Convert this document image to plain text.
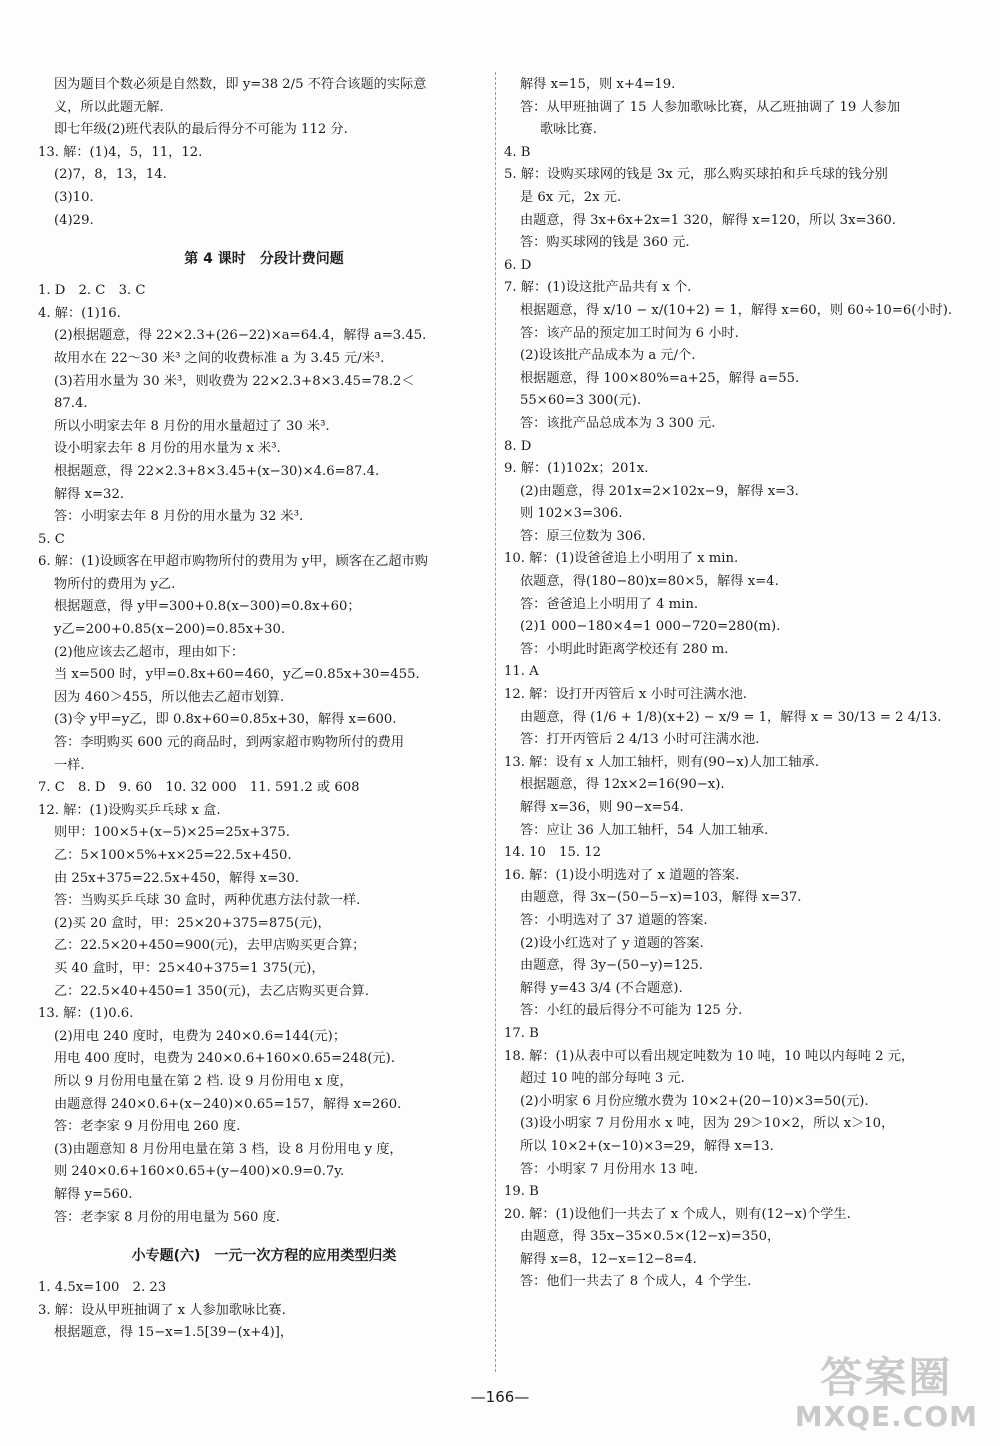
因为题目个数必须是自然数，即 y=38 2/5 不符合该题的实际意
义，所以此题无解.
即七年级(2)班代表队的最后得分不可能为 112 分.
13. 解：(1)4，5，11，12.
(2)7，8，13，14.
(3)10.
(4)29.
第 4 课时　分段计费问题
1. D　2. C　3. C
4. 解：(1)16.
(2)根据题意，得 22×2.3+(26−22)×a=64.4，解得 a=3.45.
故用水在 22～30 米³ 之间的收费标准 a 为 3.45 元/米³.
(3)若用水量为 30 米³，则收费为 22×2.3+8×3.45=78.2＜
87.4.
所以小明家去年 8 月份的用水量超过了 30 米³.
设小明家去年 8 月份的用水量为 x 米³.
根据题意，得 22×2.3+8×3.45+(x−30)×4.6=87.4.
解得 x=32.
答：小明家去年 8 月份的用水量为 32 米³.
5. C
6. 解：(1)设顾客在甲超市购物所付的费用为 y甲，顾客在乙超市购
物所付的费用为 y乙.
根据题意，得 y甲=300+0.8(x−300)=0.8x+60；
y乙=200+0.85(x−200)=0.85x+30.
(2)他应该去乙超市，理由如下：
当 x=500 时，y甲=0.8x+60=460，y乙=0.85x+30=455.
因为 460＞455，所以他去乙超市划算.
(3)令 y甲=y乙，即 0.8x+60=0.85x+30，解得 x=600.
答：李明购买 600 元的商品时，到两家超市购物所付的费用
一样.
7. C　8. D　9. 60　10. 32 000　11. 591.2 或 608
12. 解：(1)设购买乒乓球 x 盒.
则甲：100×5+(x−5)×25=25x+375.
乙：5×100×5%+x×25=22.5x+450.
由 25x+375=22.5x+450，解得 x=30.
答：当购买乒乓球 30 盒时，两种优惠方法付款一样.
(2)买 20 盒时，甲：25×20+375=875(元)，
乙：22.5×20+450=900(元)，去甲店购买更合算；
买 40 盒时，甲：25×40+375=1 375(元)，
乙：22.5×40+450=1 350(元)，去乙店购买更合算.
13. 解：(1)0.6.
(2)用电 240 度时，电费为 240×0.6=144(元)；
用电 400 度时，电费为 240×0.6+160×0.65=248(元).
所以 9 月份用电量在第 2 档. 设 9 月份用电 x 度，
由题意得 240×0.6+(x−240)×0.65=157，解得 x=260.
答：老李家 9 月份用电 260 度.
(3)由题意知 8 月份用电量在第 3 档，设 8 月份用电 y 度，
则 240×0.6+160×0.65+(y−400)×0.9=0.7y.
解得 y=560.
答：老李家 8 月份的用电量为 560 度.
小专题(六)　一元一次方程的应用类型归类
1. 4.5x=100　2. 23
3. 解：设从甲班抽调了 x 人参加歌咏比赛.
根据题意，得 15−x=1.5[39−(x+4)]，
解得 x=15，则 x+4=19.
答：从甲班抽调了 15 人参加歌咏比赛，从乙班抽调了 19 人参加
歌咏比赛.
4. B
5. 解：设购买球网的钱是 3x 元，那么购买球拍和乒乓球的钱分别
是 6x 元，2x 元.
由题意，得 3x+6x+2x=1 320，解得 x=120，所以 3x=360.
答：购买球网的钱是 360 元.
6. D
7. 解：(1)设这批产品共有 x 个.
根据题意，得 x/10 − x/(10+2) = 1，解得 x=60，则 60÷10=6(小时).
答：该产品的预定加工时间为 6 小时.
(2)设该批产品成本为 a 元/个.
根据题意，得 100×80%=a+25，解得 a=55.
55×60=3 300(元).
答：该批产品总成本为 3 300 元.
8. D
9. 解：(1)102x；201x.
(2)由题意，得 201x=2×102x−9，解得 x=3.
则 102×3=306.
答：原三位数为 306.
10. 解：(1)设爸爸追上小明用了 x min.
依题意，得(180−80)x=80×5，解得 x=4.
答：爸爸追上小明用了 4 min.
(2)1 000−180×4=1 000−720=280(m).
答：小明此时距离学校还有 280 m.
11. A
12. 解：设打开丙管后 x 小时可注满水池.
由题意，得 (1/6 + 1/8)(x+2) − x/9 = 1，解得 x = 30/13 = 2 4/13.
答：打开丙管后 2 4/13 小时可注满水池.
13. 解：设有 x 人加工轴杆，则有(90−x)人加工轴承.
根据题意，得 12x×2=16(90−x).
解得 x=36，则 90−x=54.
答：应让 36 人加工轴杆，54 人加工轴承.
14. 10　15. 12
16. 解：(1)设小明选对了 x 道题的答案.
由题意，得 3x−(50−5−x)=103，解得 x=37.
答：小明选对了 37 道题的答案.
(2)设小红选对了 y 道题的答案.
由题意，得 3y−(50−y)=125.
解得 y=43 3/4 (不合题意).
答：小红的最后得分不可能为 125 分.
17. B
18. 解：(1)从表中可以看出规定吨数为 10 吨，10 吨以内每吨 2 元，
超过 10 吨的部分每吨 3 元.
(2)小明家 6 月份应缴水费为 10×2+(20−10)×3=50(元).
(3)设小明家 7 月份用水 x 吨，因为 29＞10×2，所以 x＞10，
所以 10×2+(x−10)×3=29，解得 x=13.
答：小明家 7 月份用水 13 吨.
19. B
20. 解：(1)设他们一共去了 x 个成人，则有(12−x)个学生.
由题意，得 35x−35×0.5×(12−x)=350，
解得 x=8，12−x=12−8=4.
答：他们一共去了 8 个成人，4 个学生.
—166—	答案圈
MXQE.COM
